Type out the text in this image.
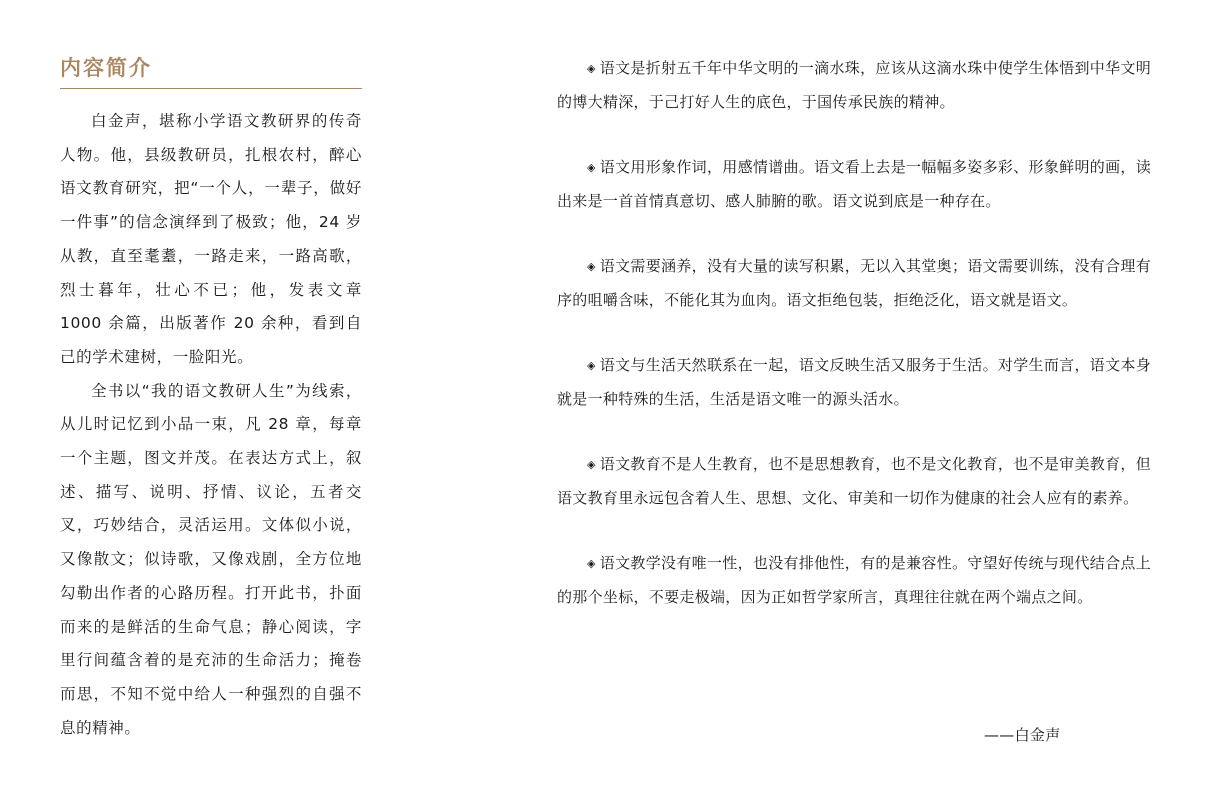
内容简介

白金声，堪称小学语文教研界的传奇人物。他，县级教研员，扎根农村，醉心语文教育研究，把“一个人，一辈子，做好一件事”的信念演绎到了极致；他，24 岁从教，直至耄耋，一路走来，一路高歌，烈士暮年，壮心不已；他，发表文章 1000 余篇，出版著作 20 余种，看到自己的学术建树，一脸阳光。

全书以“我的语文教研人生”为线索，从儿时记忆到小品一束，凡 28 章，每章一个主题，图文并茂。在表达方式上，叙述、描写、说明、抒情、议论，五者交叉，巧妙结合，灵活运用。文体似小说，又像散文；似诗歌，又像戏剧，全方位地勾勒出作者的心路历程。打开此书，扑面而来的是鲜活的生命气息；静心阅读，字里行间蕴含着的是充沛的生命活力；掩卷而思，不知不觉中给人一种强烈的自强不息的精神。

◈ 语文是折射五千年中华文明的一滴水珠，应该从这滴水珠中使学生体悟到中华文明的博大精深，于己打好人生的底色，于国传承民族的精神。

◈ 语文用形象作词，用感情谱曲。语文看上去是一幅幅多姿多彩、形象鲜明的画，读出来是一首首情真意切、感人肺腑的歌。语文说到底是一种存在。

◈ 语文需要涵养，没有大量的读写积累，无以入其堂奥；语文需要训练，没有合理有序的咀嚼含味，不能化其为血肉。语文拒绝包装，拒绝泛化，语文就是语文。

◈ 语文与生活天然联系在一起，语文反映生活又服务于生活。对学生而言，语文本身就是一种特殊的生活，生活是语文唯一的源头活水。

◈ 语文教育不是人生教育，也不是思想教育，也不是文化教育，也不是审美教育，但语文教育里永远包含着人生、思想、文化、审美和一切作为健康的社会人应有的素养。

◈ 语文教学没有唯一性，也没有排他性，有的是兼容性。守望好传统与现代结合点上的那个坐标，不要走极端，因为正如哲学家所言，真理往往就在两个端点之间。

——白金声
